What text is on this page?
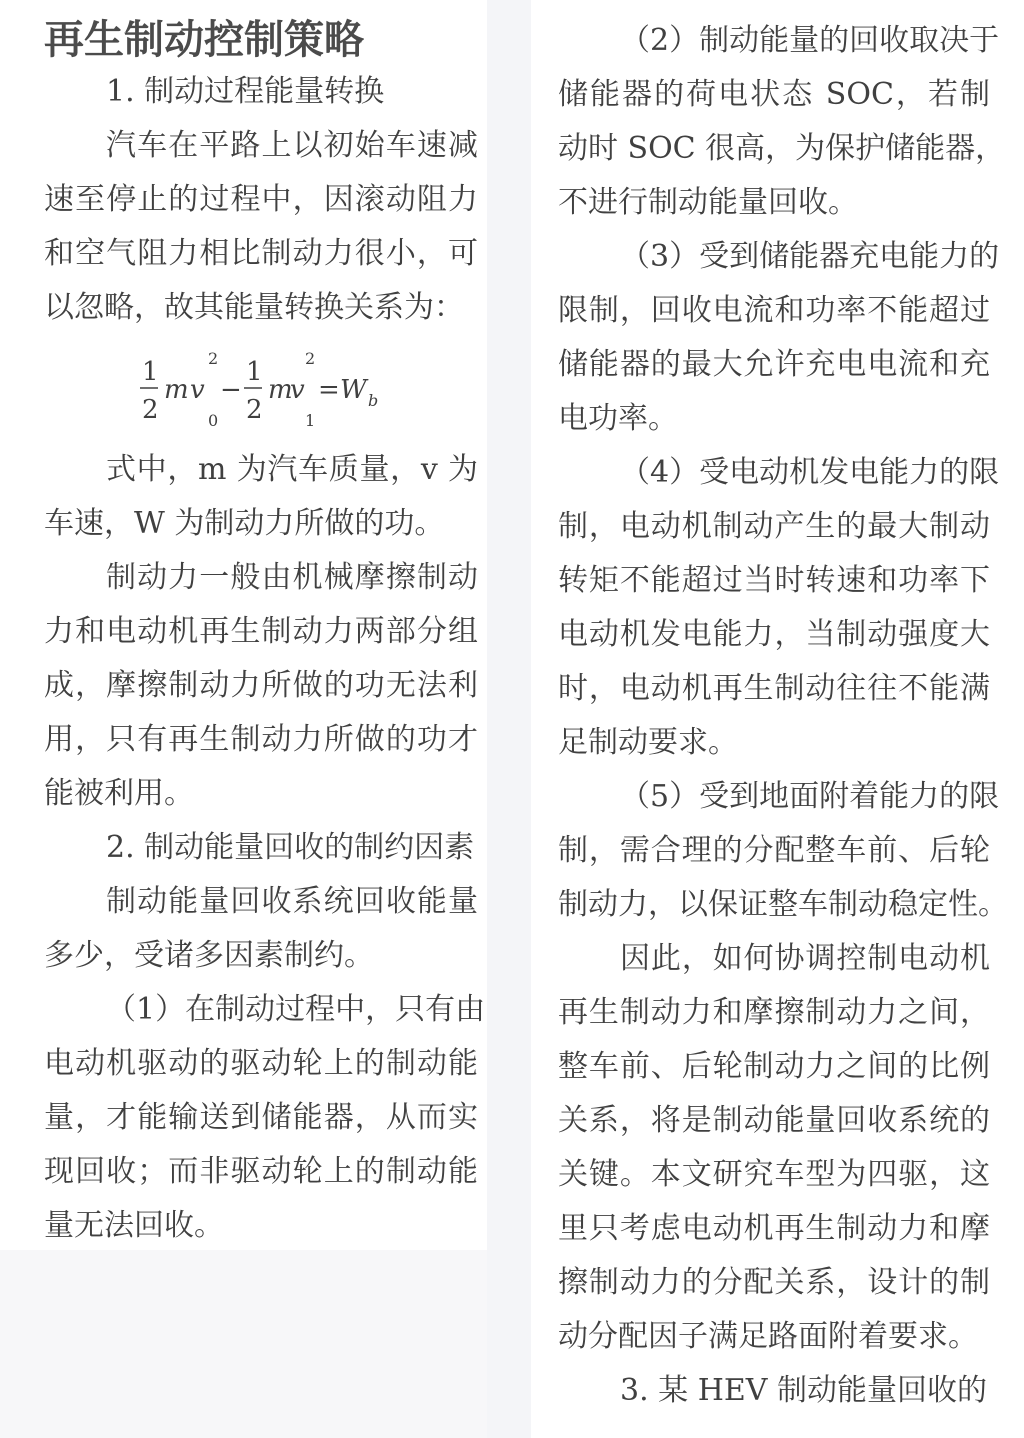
再生制动控制策略
1. 制动过程能量转换
汽车在平路上以初始车速减
速至停止的过程中，因滚动阻力
和空气阻力相比制动力很小，可
以忽略，故其能量转换关系为：
1
2
m v
2
0
−
1
2
m
v
2
1
= W b
式中，m 为汽车质量，v 为
车速，W 为制动力所做的功。
制动力一般由机械摩擦制动
力和电动机再生制动力两部分组
成，摩擦制动力所做的功无法利
用，只有再生制动力所做的功才
能被利用。
2. 制动能量回收的制约因素
制动能量回收系统回收能量
多少，受诸多因素制约。
（1）在制动过程中，只有由
电动机驱动的驱动轮上的制动能
量，才能输送到储能器，从而实
现回收；而非驱动轮上的制动能
量无法回收。
（2）制动能量的回收取决于
储能器的荷电状态 SOC，若制
动时 SOC 很高，为保护储能器，
不进行制动能量回收。
（3）受到储能器充电能力的
限制，回收电流和功率不能超过
储能器的最大允许充电电流和充
电功率。
（4）受电动机发电能力的限
制，电动机制动产生的最大制动
转矩不能超过当时转速和功率下
电动机发电能力，当制动强度大
时，电动机再生制动往往不能满
足制动要求。
（5）受到地面附着能力的限
制，需合理的分配整车前、后轮
制动力，以保证整车制动稳定性。
因此，如何协调控制电动机
再生制动力和摩擦制动力之间，
整车前、后轮制动力之间的比例
关系，将是制动能量回收系统的
关键。本文研究车型为四驱，这
里只考虑电动机再生制动力和摩
擦制动力的分配关系，设计的制
动分配因子满足路面附着要求。
3. 某 HEV 制动能量回收的
